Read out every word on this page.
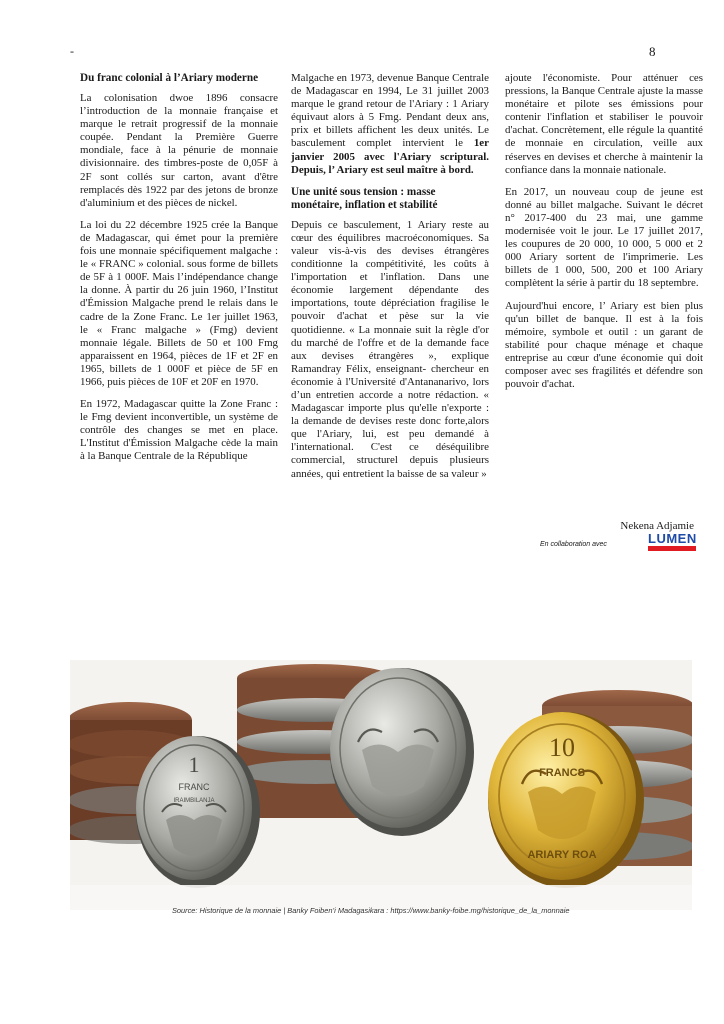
-	8
Du franc colonial à l’Ariary moderne

La colonisation dwoe 1896 consacre l’introduction de la monnaie française et marque le retrait progressif de la monnaie coupée. Pendant la Première Guerre mondiale, face à la pénurie de monnaie divisionnaire. des timbres-poste de 0,05F à 2F sont collés sur carton, avant d'être remplacés dès 1922 par des jetons de bronze d'aluminium et des pièces de nickel.

La loi du 22 décembre 1925 crée la Banque de Madagascar, qui émet pour la première fois une monnaie spécifiquement malgache : le « FRANC » colonial. sous forme de billets de 5F à 1 000F. Mais l’indépendance change la donne. À partir du 26 juin 1960, l’Institut d'Émission Malgache prend le relais dans le cadre de la Zone Franc. Le 1er juillet 1963, le « Franc malgache » (Fmg) devient monnaie légale. Billets de 50 et 100 Fmg apparaissent en 1964, pièces de 1F et 2F en 1965, billets de 1 000F et pièce de 5F en 1966, puis pièces de 10F et 20F en 1970.

En 1972, Madagascar quitte la Zone Franc : le Fmg devient inconvertible, un système de contrôle des changes se met en place. L'Institut d'Émission Malgache cède la main à la Banque Centrale de la République

Malgache en 1973, devenue Banque Centrale de Madagascar en 1994, Le 31 juillet 2003 marque le grand retour de l'Ariary : 1 Ariary équivaut alors à 5 Fmg. Pendant deux ans, prix et billets affichent les deux unités. Le basculement complet intervient le 1er janvier 2005 avec l'Ariary scriptural. Depuis, l’ Ariary est seul maître à bord.

Une unité sous tension : masse monétaire, inflation et stabilité

Depuis ce basculement, 1 Ariary reste au cœur des équilibres macroéconomiques. Sa valeur vis-à-vis des devises étrangères conditionne la compétitivité, les coûts à l'importation et l'inflation. Dans une économie largement dépendante des importations, toute dépréciation fragilise le pouvoir d'achat et pèse sur la vie quotidienne. « La monnaie suit la règle d'or du marché de l'offre et de la demande face aux devises étrangères », explique Ramandray Félix, enseignant- chercheur en économie à l'Université d'Antananarivo, lors d’un entretien accorde a notre rédaction. « Madagascar importe plus qu'elle n'exporte : la demande de devises reste donc forte,alors que l'Ariary, lui, est peu demandé à l'international. C'est ce déséquilibre commercial, structurel depuis plusieurs années, qui entretient la baisse de sa valeur »

ajoute l'économiste. Pour atténuer ces pressions, la Banque Centrale ajuste la masse monétaire et pilote ses émissions pour contenir l'inflation et stabiliser le pouvoir d'achat. Concrètement, elle régule la quantité de monnaie en circulation, veille aux réserves en devises et cherche à maintenir la confiance dans la monnaie nationale.

En 2017, un nouveau coup de jeune est donné au billet malgache. Suivant le décret n° 2017-400 du 23 mai, une gamme modernisée voit le jour. Le 17 juillet 2017, les coupures de 20 000, 10 000, 5 000 et 2 000 Ariary sortent de l'imprimerie. Les billets de 1 000, 500, 200 et 100 Ariary complètent la série à partir du 18 septembre.

Aujourd'hui encore, l’ Ariary est bien plus qu'un billet de banque. Il est à la fois mémoire, symbole et outil : un garant de stabilité pour chaque ménage et chaque entreprise au cœur d'une économie qui doit composer avec ses fragilités et défendre son pouvoir d'achat.

Nekena Adjamie
En collaboration avec	LUMEN
1
FRANC
IRAIMBILANJA
10
FRANCS
ARIARY ROA
Source: Historique de la monnaie | Banky Foiben’i Madagasikara : https://www.banky-foibe.mg/historique_de_la_monnaie
